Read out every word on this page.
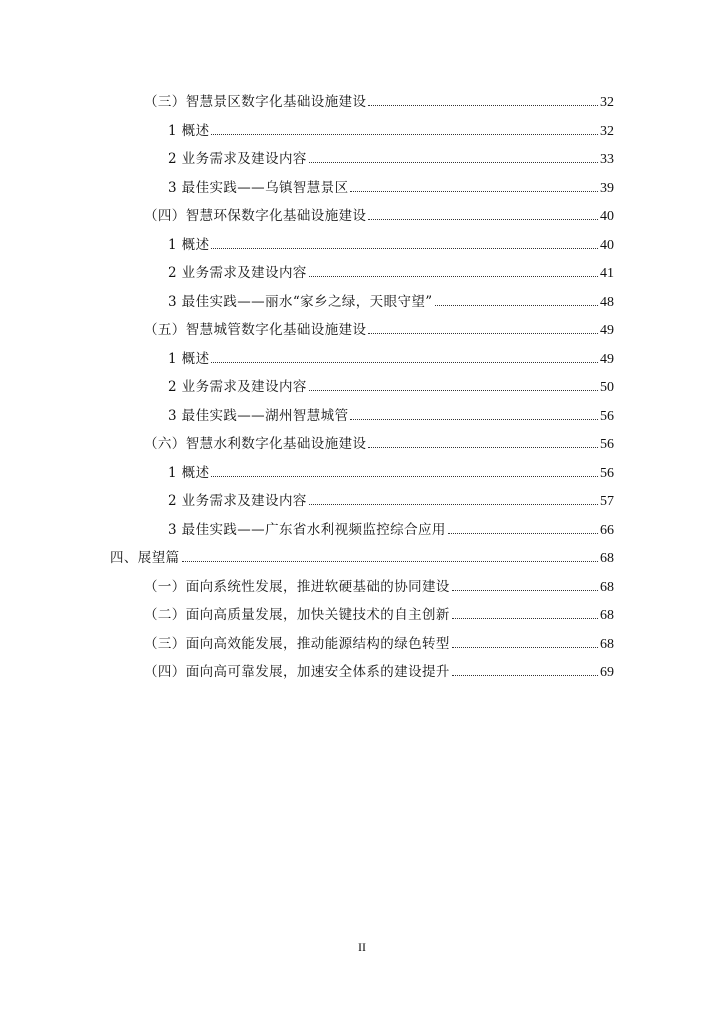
（三）智慧景区数字化基础设施建设	32
1 概述	32
2 业务需求及建设内容	33
3 最佳实践——乌镇智慧景区	39
（四）智慧环保数字化基础设施建设	40
1 概述	40
2 业务需求及建设内容	41
3 最佳实践——丽水“家乡之绿，天眼守望”	48
（五）智慧城管数字化基础设施建设	49
1 概述	49
2 业务需求及建设内容	50
3 最佳实践——湖州智慧城管	56
（六）智慧水利数字化基础设施建设	56
1 概述	56
2 业务需求及建设内容	57
3 最佳实践——广东省水利视频监控综合应用	66
四、展望篇	68
（一）面向系统性发展，推进软硬基础的协同建设	68
（二）面向高质量发展，加快关键技术的自主创新	68
（三）面向高效能发展，推动能源结构的绿色转型	68
（四）面向高可靠发展，加速安全体系的建设提升	69
II
